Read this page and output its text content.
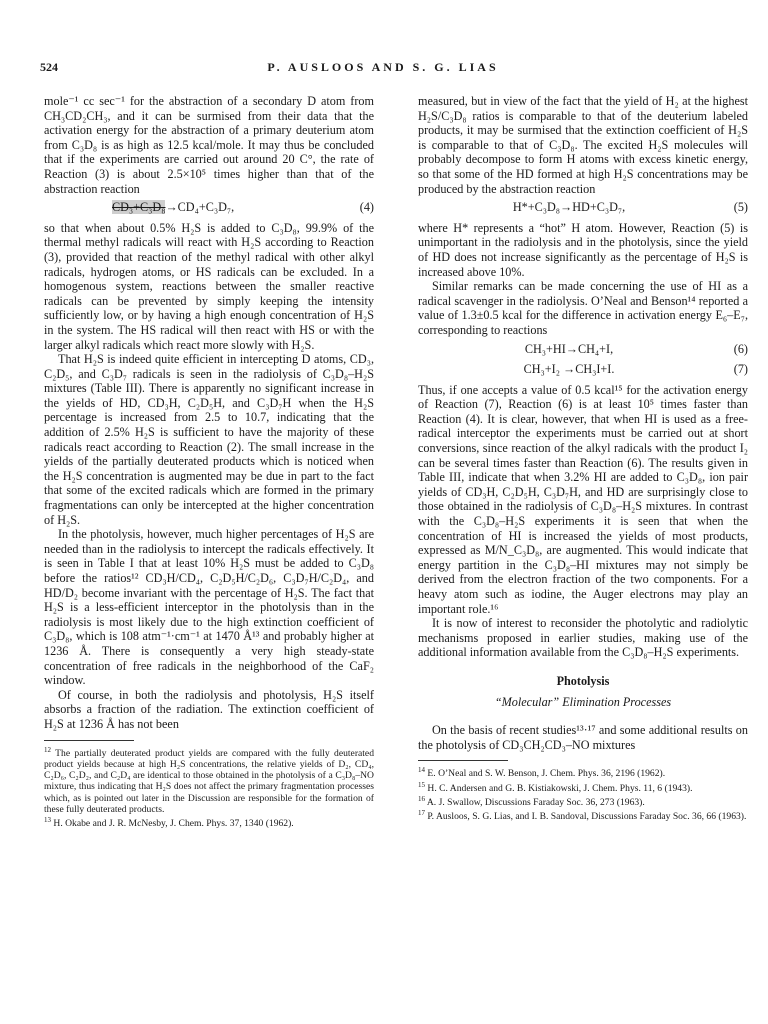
524	P. AUSLOOS AND S. G. LIAS

mole⁻¹ cc sec⁻¹ for the abstraction of a secondary D atom from CH₃CD₂CH₃, and it can be surmised from their data that the activation energy for the abstraction of a primary deuterium atom from C₃D₈ is as high as 12.5 kcal/mole. It may thus be concluded that if the experiments are carried out around 20 C°, the rate of Reaction (3) is about 2.5×10⁵ times higher than that of the abstraction reaction

CD₃+C₃D₈→CD₄+C₃D₇,	(4)

so that when about 0.5% H₂S is added to C₃D₈, 99.9% of the thermal methyl radicals will react with H₂S according to Reaction (3), provided that reaction of the methyl radical with other alkyl radicals, hydrogen atoms, or HS radicals can be excluded. In a homogenous system, reactions between the smaller reactive radicals can be prevented by simply keeping the intensity sufficiently low, or by having a high enough concentration of H₂S in the system. The HS radical will then react with HS or with the larger alkyl radicals which react more slowly with H₂S.

That H₂S is indeed quite efficient in intercepting D atoms, CD₃, C₂D₅, and C₃D₇ radicals is seen in the radiolysis of C₃D₈–H₂S mixtures (Table III). There is apparently no significant increase in the yields of HD, CD₃H, C₂D₅H, and C₃D₇H when the H₂S percentage is increased from 2.5 to 10.7, indicating that the addition of 2.5% H₂S is sufficient to have the majority of these radicals react according to Reaction (2). The small increase in the yields of the partially deuterated products which is noticed when the H₂S concentration is augmented may be due in part to the fact that some of the excited radicals which are formed in the primary fragmentations can only be intercepted at the higher concentration of H₂S.

In the photolysis, however, much higher percentages of H₂S are needed than in the radiolysis to intercept the radicals effectively. It is seen in Table I that at least 10% H₂S must be added to C₃D₈ before the ratios¹² CD₃H/CD₄, C₂D₅H/C₂D₆, C₃D₇H/C₂D₄, and HD/D₂ become invariant with the percentage of H₂S. The fact that H₂S is a less-efficient interceptor in the photolysis than in the radiolysis is most likely due to the high extinction coefficient of C₃D₈, which is 108 atm⁻¹·cm⁻¹ at 1470 Å¹³ and probably higher at 1236 Å. There is consequently a very high steady-state concentration of free radicals in the neighborhood of the CaF₂ window.

Of course, in both the radiolysis and photolysis, H₂S itself absorbs a fraction of the radiation. The extinction coefficient of H₂S at 1236 Å has not been

$^{12}$ The partially deuterated product yields are compared with the fully deuterated product yields because at high H₂S concentrations, the relative yields of D₂, CD₄, C₂D₆, C₂D₂, and C₂D₄ are identical to those obtained in the photolysis of a C₃D₈–NO mixture, thus indicating that H₂S does not affect the primary fragmentation processes which, as is pointed out later in the Discussion are responsible for the formation of these fully deuterated products.

$^{13}$ H. Okabe and J. R. McNesby, J. Chem. Phys. 37, 1340 (1962).

measured, but in view of the fact that the yield of H₂ at the highest H₂S/C₃D₈ ratios is comparable to that of the deuterium labeled products, it may be surmised that the extinction coefficient of H₂S is comparable to that of C₃D₈. The excited H₂S molecules will probably decompose to form H atoms with excess kinetic energy, so that some of the HD formed at high H₂S concentrations may be produced by the abstraction reaction

H*+C₃D₈→HD+C₃D₇,	(5)

where H* represents a “hot” H atom. However, Reaction (5) is unimportant in the radiolysis and in the photolysis, since the yield of HD does not increase significantly as the percentage of H₂S is increased above 10%.

Similar remarks can be made concerning the use of HI as a radical scavenger in the radiolysis. O’Neal and Benson¹⁴ reported a value of 1.3±0.5 kcal for the difference in activation energy E₆–E₇, corresponding to reactions

CH₃+HI→CH₄+I,	(6)
CH₃+I₂ →CH₃I+I.	(7)

Thus, if one accepts a value of 0.5 kcal¹⁵ for the activation energy of Reaction (7), Reaction (6) is at least 10⁵ times faster than Reaction (4). It is clear, however, that when HI is used as a free-radical interceptor the experiments must be carried out at short conversions, since reaction of the alkyl radicals with the product I₂ can be several times faster than Reaction (6). The results given in Table III, indicate that when 3.2% HI are added to C₃D₈, ion pair yields of CD₃H, C₂D₅H, C₃D₇H, and HD are surprisingly close to those obtained in the radiolysis of C₃D₈–H₂S mixtures. In contrast with the C₃D₈–H₂S experiments it is seen that when the concentration of HI is increased the yields of most products, expressed as M/N_C₃D₈, are augmented. This would indicate that energy partition in the C₃D₈–HI mixtures may not simply be derived from the electron fraction of the two components. For a heavy atom such as iodine, the Auger electrons may play an important role.¹⁶

It is now of interest to reconsider the photolytic and radiolytic mechanisms proposed in earlier studies, making use of the additional information available from the C₃D₈–H₂S experiments.

Photolysis
“Molecular” Elimination Processes

On the basis of recent studies¹³·¹⁷ and some additional results on the photolysis of CD₃CH₂CD₃–NO mixtures

$^{14}$ E. O’Neal and S. W. Benson, J. Chem. Phys. 36, 2196 (1962).

$^{15}$ H. C. Andersen and G. B. Kistiakowski, J. Chem. Phys. 11, 6 (1943).

$^{16}$ A. J. Swallow, Discussions Faraday Soc. 36, 273 (1963).

$^{17}$ P. Ausloos, S. G. Lias, and I. B. Sandoval, Discussions Faraday Soc. 36, 66 (1963).
